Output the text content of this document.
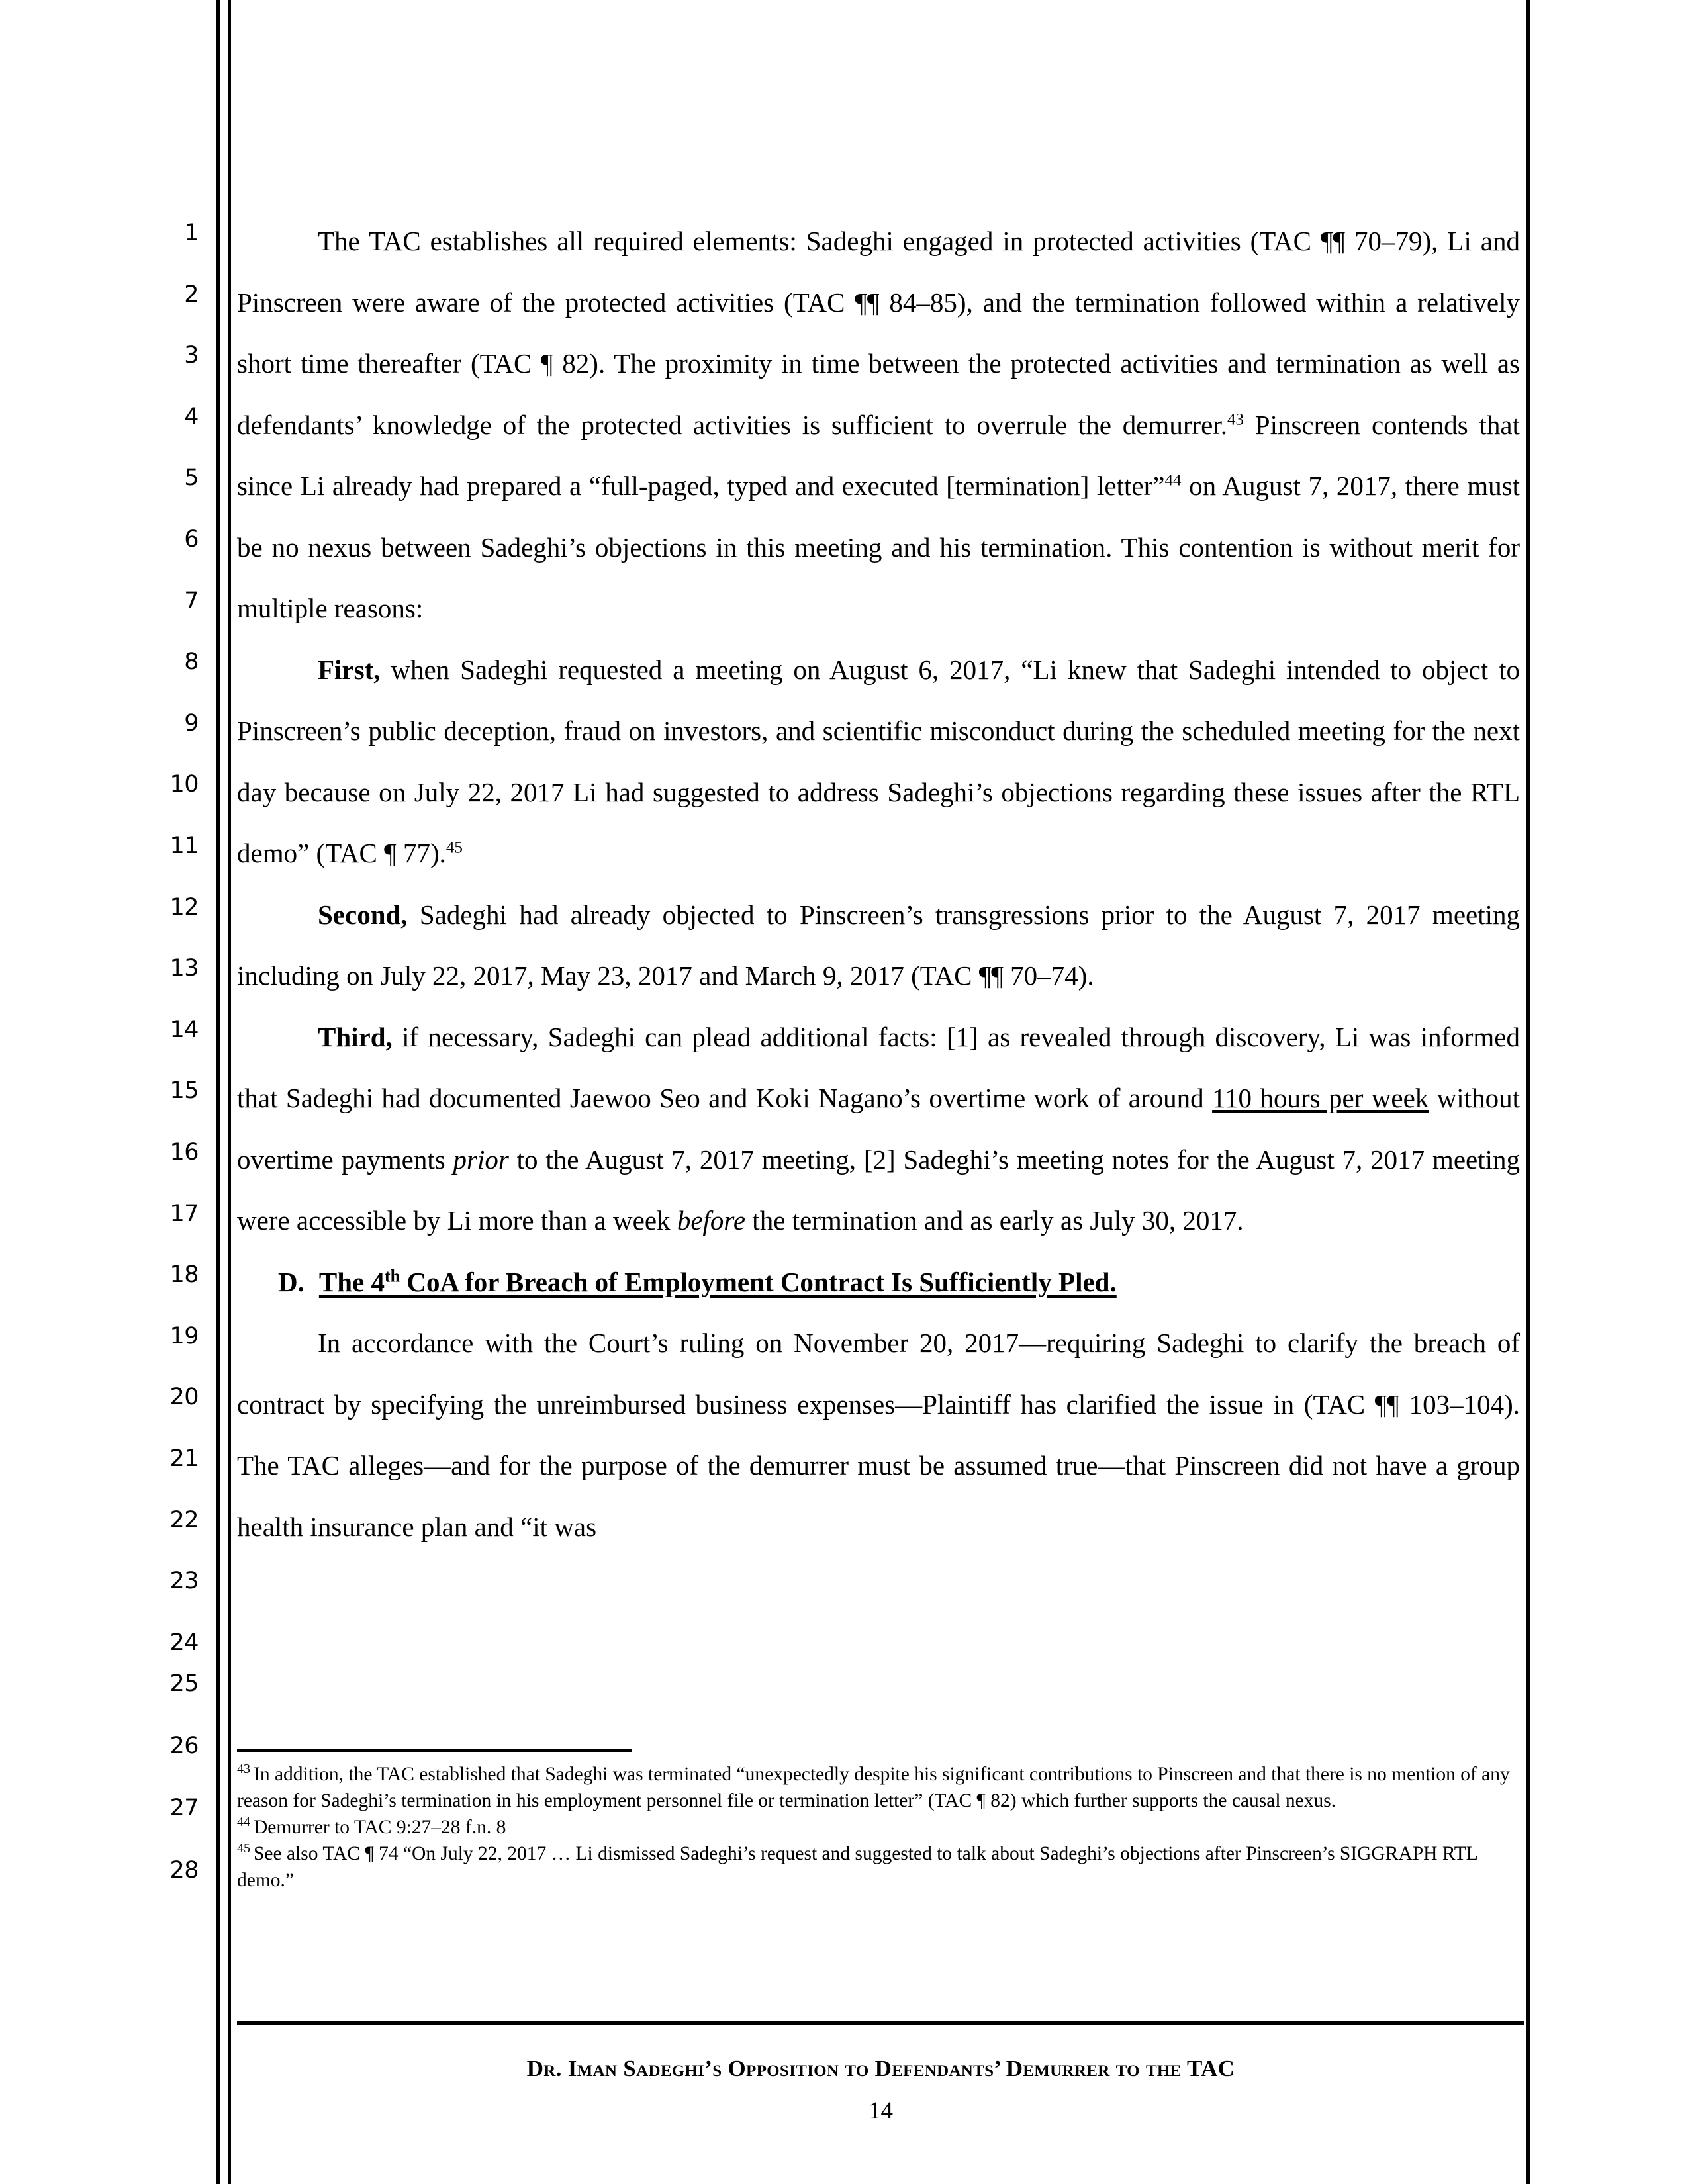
1
2
3
4
5
6
7
8
9
10
11
12
13
14
15
16
17
18
19
20
21
22
23
24
25
26
27
28

The TAC establishes all required elements: Sadeghi engaged in protected activities (TAC ¶¶ 70–79), Li and Pinscreen were aware of the protected activities (TAC ¶¶ 84–85), and the termination followed within a relatively short time thereafter (TAC ¶ 82). The proximity in time between the protected activities and termination as well as defendants’ knowledge of the protected activities is sufficient to overrule the demurrer.$^{43}$ Pinscreen contends that since Li already had prepared a “full-paged, typed and executed [termination] letter”$^{44}$ on August 7, 2017, there must be no nexus between Sadeghi’s objections in this meeting and his termination. This contention is without merit for multiple reasons:

First, when Sadeghi requested a meeting on August 6, 2017, “Li knew that Sadeghi intended to object to Pinscreen’s public deception, fraud on investors, and scientific misconduct during the scheduled meeting for the next day because on July 22, 2017 Li had suggested to address Sadeghi’s objections regarding these issues after the RTL demo” (TAC ¶ 77).$^{45}$

Second, Sadeghi had already objected to Pinscreen’s transgressions prior to the August 7, 2017 meeting including on July 22, 2017, May 23, 2017 and March 9, 2017 (TAC ¶¶ 70–74).

Third, if necessary, Sadeghi can plead additional facts: [1] as revealed through discovery, Li was informed that Sadeghi had documented Jaewoo Seo and Koki Nagano’s overtime work of around 110 hours per week without overtime payments prior to the August 7, 2017 meeting, [2] Sadeghi’s meeting notes for the August 7, 2017 meeting were accessible by Li more than a week before the termination and as early as July 30, 2017.

D. The 4th CoA for Breach of Employment Contract Is Sufficiently Pled.

In accordance with the Court’s ruling on November 20, 2017—requiring Sadeghi to clarify the breach of contract by specifying the unreimbursed business expenses—Plaintiff has clarified the issue in (TAC ¶¶ 103–104). The TAC alleges—and for the purpose of the demurrer must be assumed true—that Pinscreen did not have a group health insurance plan and “it was

$^{43}$ In addition, the TAC established that Sadeghi was terminated “unexpectedly despite his significant contributions to Pinscreen and that there is no mention of any reason for Sadeghi’s termination in his employment personnel file or termination letter” (TAC ¶ 82) which further supports the causal nexus.

$^{44}$ Demurrer to TAC 9:27–28 f.n. 8

$^{45}$ See also TAC ¶ 74 “On July 22, 2017 … Li dismissed Sadeghi’s request and suggested to talk about Sadeghi’s objections after Pinscreen’s SIGGRAPH RTL demo.”

Dr. Iman Sadeghi’s Opposition to Defendants’ Demurrer to the TAC
14
